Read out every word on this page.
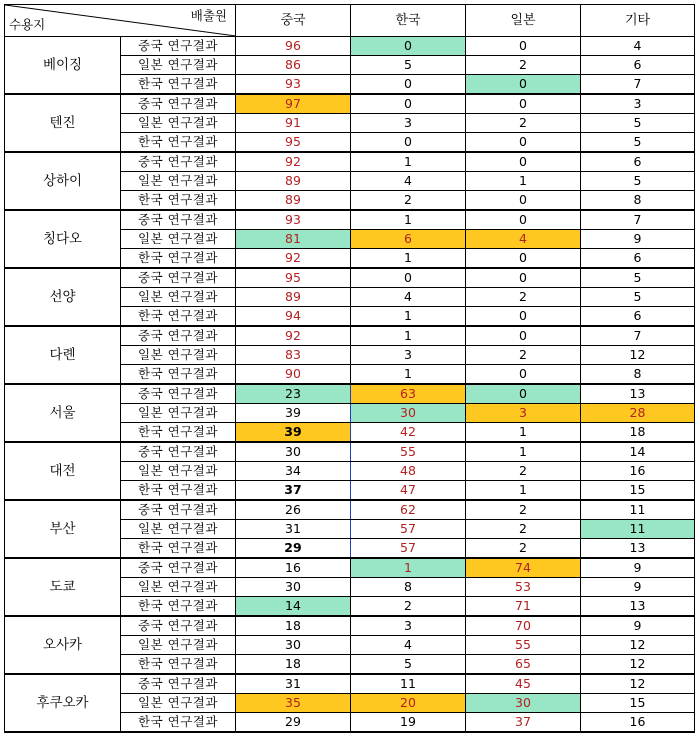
배출원
수용지		중국	한국	일본	기타
베이징	중국 연구결과	96	0	0	4
	일본 연구결과	86	5	2	6
	한국 연구결과	93	0	0	7
텐진	중국 연구결과	97	0	0	3
	일본 연구결과	91	3	2	5
	한국 연구결과	95	0	0	5
상하이	중국 연구결과	92	1	0	6
	일본 연구결과	89	4	1	5
	한국 연구결과	89	2	0	8
칭다오	중국 연구결과	93	1	0	7
	일본 연구결과	81	6	4	9
	한국 연구결과	92	1	0	6
선양	중국 연구결과	95	0	0	5
	일본 연구결과	89	4	2	5
	한국 연구결과	94	1	0	6
다롄	중국 연구결과	92	1	0	7
	일본 연구결과	83	3	2	12
	한국 연구결과	90	1	0	8
서울	중국 연구결과	23	63	0	13
	일본 연구결과	39	30	3	28
	한국 연구결과	39	42	1	18
대전	중국 연구결과	30	55	1	14
	일본 연구결과	34	48	2	16
	한국 연구결과	37	47	1	15
부산	중국 연구결과	26	62	2	11
	일본 연구결과	31	57	2	11
	한국 연구결과	29	57	2	13
도쿄	중국 연구결과	16	1	74	9
	일본 연구결과	30	8	53	9
	한국 연구결과	14	2	71	13
오사카	중국 연구결과	18	3	70	9
	일본 연구결과	30	4	55	12
	한국 연구결과	18	5	65	12
후쿠오카	중국 연구결과	31	11	45	12
	일본 연구결과	35	20	30	15
	한국 연구결과	29	19	37	16
